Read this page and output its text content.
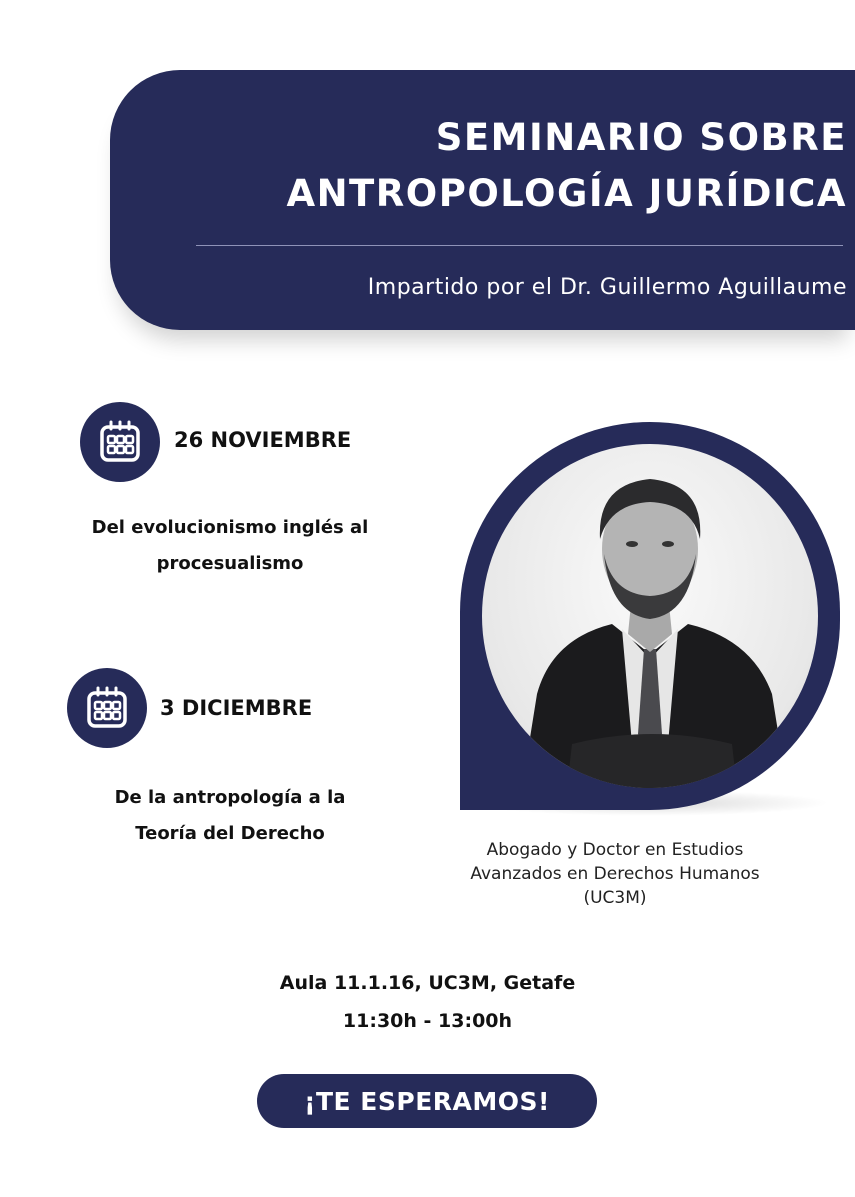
SEMINARIO SOBRE
ANTROPOLOGÍA JURÍDICA
Impartido por el Dr. Guillermo Aguillaume
26 NOVIEMBRE
Del evolucionismo inglés al
procesualismo
3 DICIEMBRE
De la antropología a la
Teoría del Derecho
Abogado y Doctor en Estudios
Avanzados en Derechos Humanos
(UC3M)
Aula 11.1.16, UC3M, Getafe
11:30h - 13:00h
¡TE ESPERAMOS!
